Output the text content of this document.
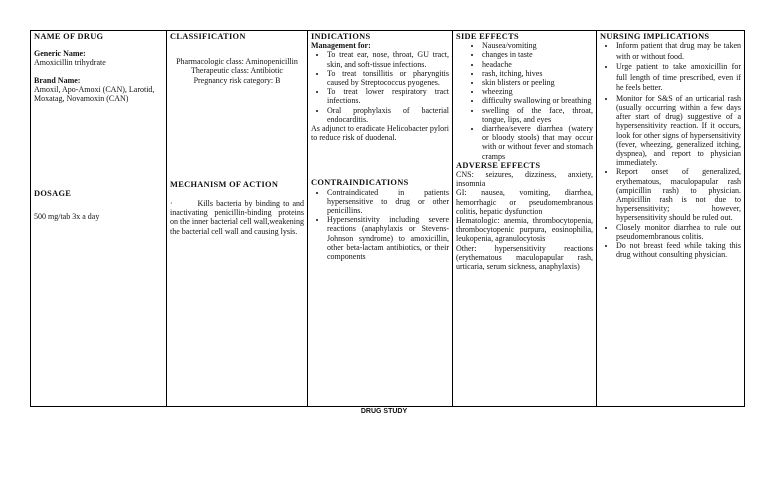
NAME OF DRUG
Generic Name:
Amoxicillin trihydrate
Brand Name:
Amoxil, Apo-Amoxi (CAN), Larotid, Moxatag, Novamoxin (CAN)
DOSAGE
500 mg/tab 3x a day

CLASSIFICATION
Pharmacologic class: Aminopenicillin
Therapeutic class: Antibiotic
Pregnancy risk category: B
MECHANISM OF ACTION
·        Kills bacteria by binding to and inactivating penicillin-binding proteins on the inner bacterial cell wall,weakening the bacterial cell wall and causing lysis.

INDICATIONS
Management for:
• To treat ear, nose, throat, GU tract, skin, and soft-tissue infections.
• To treat tonsillitis or pharyngitis caused by Streptococcus pyogenes.
• To treat lower respiratory tract infections.
• Oral prophylaxis of bacterial endocarditis.
As adjunct to eradicate Helicobacter pylori to reduce risk of duodenal.
CONTRAINDICATIONS
• Contraindicated in patients hypersensitive to drug or other penicillins.
• Hypersensitivity including severe reactions (anaphylaxis or Stevens-Johnson syndrome) to amoxicillin, other beta-lactam antibiotics, or their components

SIDE EFFECTS
• Nausea/vomiting
• changes in taste
• headache
• rash, itching, hives
• skin blisters or peeling
• wheezing
• difficulty swallowing or breathing
• swelling of the face, throat, tongue, lips, and eyes
• diarrhea/severe diarrhea (watery or bloody stools) that may occur with or without fever and stomach cramps
ADVERSE EFFECTS
CNS: seizures, dizziness, anxiety, insomnia
GI: nausea, vomiting, diarrhea, hemorrhagic or pseudomembranous colitis, hepatic dysfunction
Hematologic: anemia, thrombocytopenia, thrombocytopenic purpura, eosinophilia, leukopenia, agranulocytosis
Other: hypersensitivity reactions (erythematous maculopapular rash, urticaria, serum sickness, anaphylaxis)

NURSING IMPLICATIONS
• Inform patient that drug may be taken with or without food.
• Urge patient to take amoxicillin for full length of time prescribed, even if he feels better.
• Monitor for S&S of an urticarial rash (usually occurring within a few days after start of drug) suggestive of a hypersensitivity reaction. If it occurs, look for other signs of hypersensitivity (fever, wheezing, generalized itching, dyspnea), and report to physician immediately.
• Report onset of generalized, erythematous, maculopapular rash (ampicillin rash) to physician. Ampicillin rash is not due to hypersensitivity; however, hypersensitivity should be ruled out.
• Closely monitor diarrhea to rule out pseudomembranous colitis.
• Do not breast feed while taking this drug without consulting physician.
DRUG STUDY
